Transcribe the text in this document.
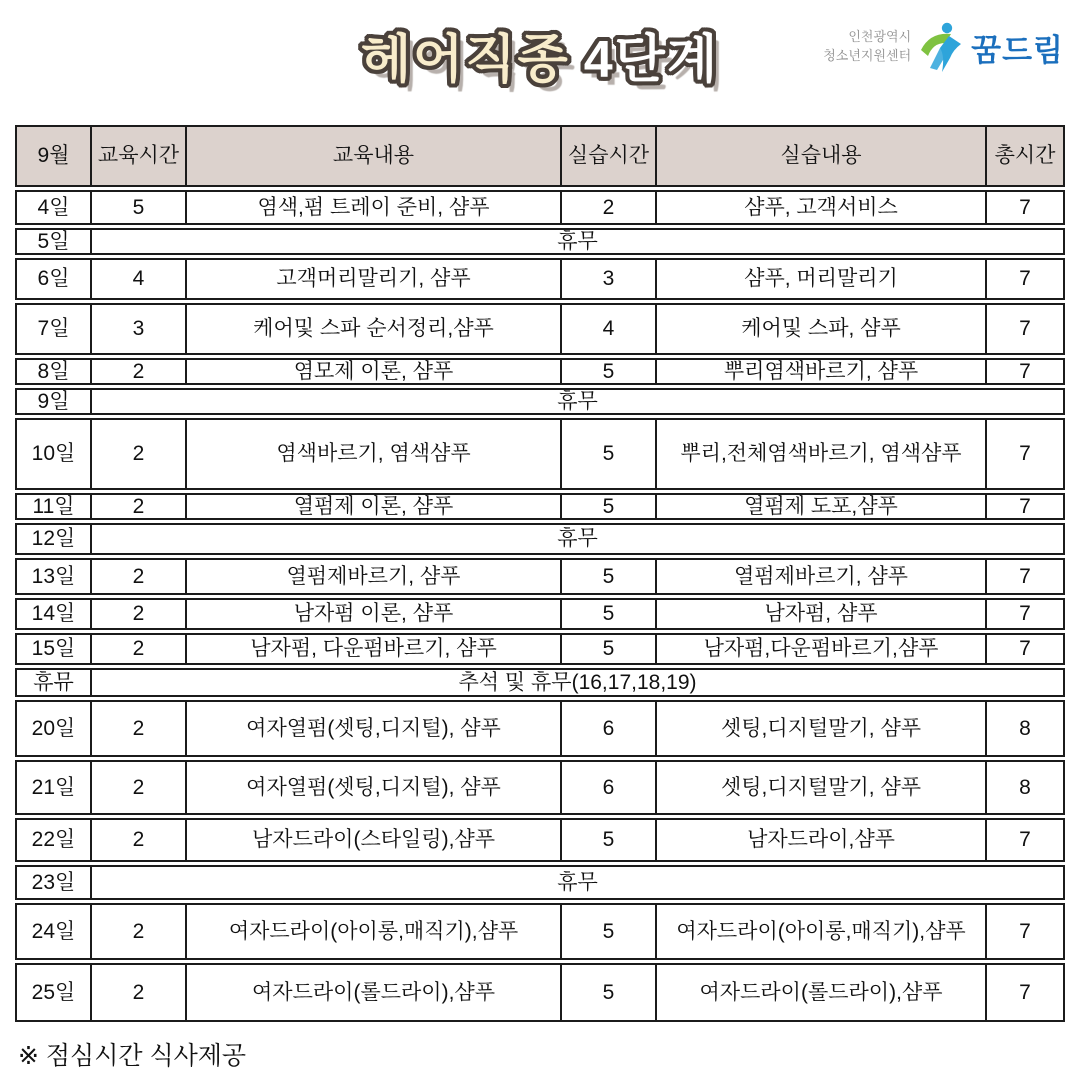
인천광역시
청소년지원센터 꿈드림
헤어직종 4단계
9월	교육시간	교육내용	실습시간	실습내용	총시간
4일	5	염색,펌 트레이 준비, 샴푸	2	샴푸, 고객서비스	7
5일	휴무
6일	4	고객머리말리기, 샴푸	3	샴푸, 머리말리기	7
7일	3	케어및 스파 순서정리,샴푸	4	케어및 스파, 샴푸	7
8일	2	염모제 이론, 샴푸	5	뿌리염색바르기, 샴푸	7
9일	휴무
10일	2	염색바르기, 염색샴푸	5	뿌리,전체염색바르기, 염색샴푸	7
11일	2	열펌제 이론, 샴푸	5	열펌제 도포,샴푸	7
12일	휴무
13일	2	열펌제바르기, 샴푸	5	열펌제바르기, 샴푸	7
14일	2	남자펌 이론, 샴푸	5	남자펌, 샴푸	7
15일	2	남자펌, 다운펌바르기, 샴푸	5	남자펌,다운펌바르기,샴푸	7
휴뮤	추석 및 휴무(16,17,18,19)
20일	2	여자열펌(셋팅,디지털), 샴푸	6	셋팅,디지털말기, 샴푸	8
21일	2	여자열펌(셋팅,디지털), 샴푸	6	셋팅,디지털말기, 샴푸	8
22일	2	남자드라이(스타일링),샴푸	5	남자드라이,샴푸	7
23일	휴무
24일	2	여자드라이(아이롱,매직기),샴푸	5	여자드라이(아이롱,매직기),샴푸	7
25일	2	여자드라이(롤드라이),샴푸	5	여자드라이(롤드라이),샴푸	7
※ 점심시간 식사제공
